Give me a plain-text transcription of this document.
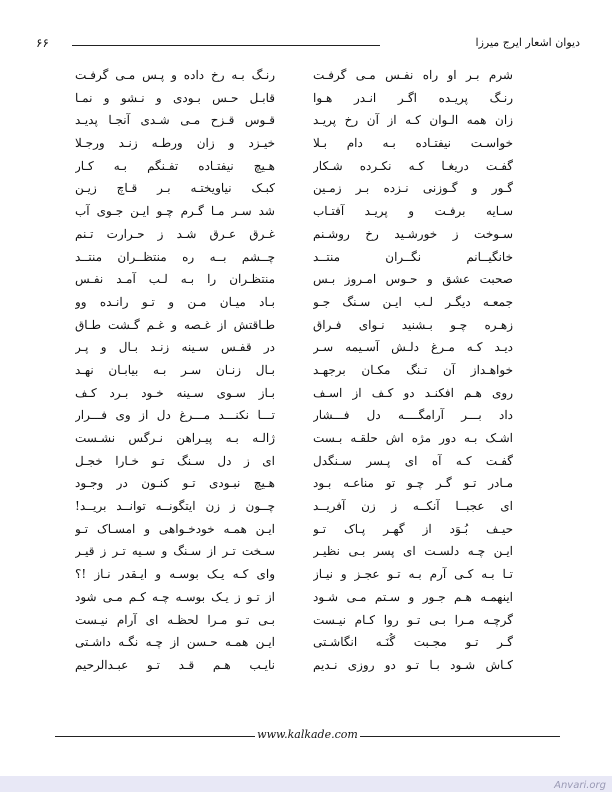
۶۶	دیوان اشعار ایرج میرزا
شرم بـر او راه نفـس مـی گرفـت
رنـگ بـه رخ داده و پـس مـی گرفـت
رنـگ پریـده اگـر انـدر هـوا
قابـل حـس بـودی و نـشو و نمـا
زان همه الـوان کـه از آن رخ پریـد
قـوس قـزح مـی شـدی آنجـا پدیـد
خواسـت نیفتـاده بـه دام بـلا
خیـزد و زان ورطـه زنـد ورجـلا
گفـت دریغـا کـه نکـرده شـکار
هـیچ نیفتـاده تفـنگم بـه کـار
گـور و گـوزنی نـزده بـر زمـین
کبـک نیاویختـه بـر قـاچ زیـن
سـایه برفـت و پریـد آفتـاب
شد سـر مـا گـرم چـو ایـن جـوی آب
سـوخت ز خورشـید رخ روشـنم
غـرق عـرق شـد ز حـرارت تـنم
خانگیــانم نگــران منتــد
چــشم بــه ره منتظــران منتــد
صحبت عشق و حـوس امـروز بـس
منتظـران را بـه لـب آمـد نفـس
جمعـه دیگـر لـب ایـن سـنگ جـو
بـاد میـان مـن و تـو رانـده وو
زهـره چـو بـشنید نـوای فـراق
طـاقتش از غـصه و غـم گـشت طـاق
دیـد کـه مـرغ دلـش آسـیمه سـر
در قفـس سـینه زنـد بـال و پـر
خواهـداز آن تـنگ مکـان برجهـد
بـال زنـان سـر بـه بیابـان نهـد
روی هـم افکنـد دو کـف از اسـف
بـاز سـوی سـینه خـود بـرد کـف
داد بـــر آرامگــــه دل فـــشار
تـــا نکنـــد مـــرغ دل از وی فـــرار
اشـک بـه دور مژه اش حلقـه بـست
ژالـه بـه پیـراهن نـرگس نشـست
گفـت کـه آه ای پـسر سـنگدل
ای ز دل سـنگ تـو خـارا خجـل
مـادر تـو گـر چـو تو مناعـه بـود
هـیچ نبـودی تـو کنـون در وجـود
ای عجبــا آنکــه ز زن آفریــد
چــون ز زن ایتگونــه توانــد بریــد!
حیـف بُـوَد از گهـر پـاک تـو
ایـن همـه خودخـواهی و امسـاک تـو
ایـن چـه دلسـت ای پسر بـی نظیـر
سـخت تـر از سـنگ و سـیه تـر ز قیـر
تـا بـه کـی آرم بـه تـو عجـز و نیـاز
وای کـه یـک بوسـه و ایـقدر نـاز !؟
اینهمـه هـم جـور و سـتم مـی شـود
از تـو ز یـک بوسـه چـه کـم مـی شود
گرچـه مـرا بـی تـو روا کـام نیـست
بـی تـو مـرا لحظـه ای آرام نیـست
گـر تـو مجـبت گُنَـه انگاشـتی
ایـن همـه حـسن از چـه نگـه داشـتی
کـاش شـود بـا تـو دو روزی نـدیم
نایـب هـم قـد تـو عبـدالرحیم
www.kalkade.com
Anvari.org
